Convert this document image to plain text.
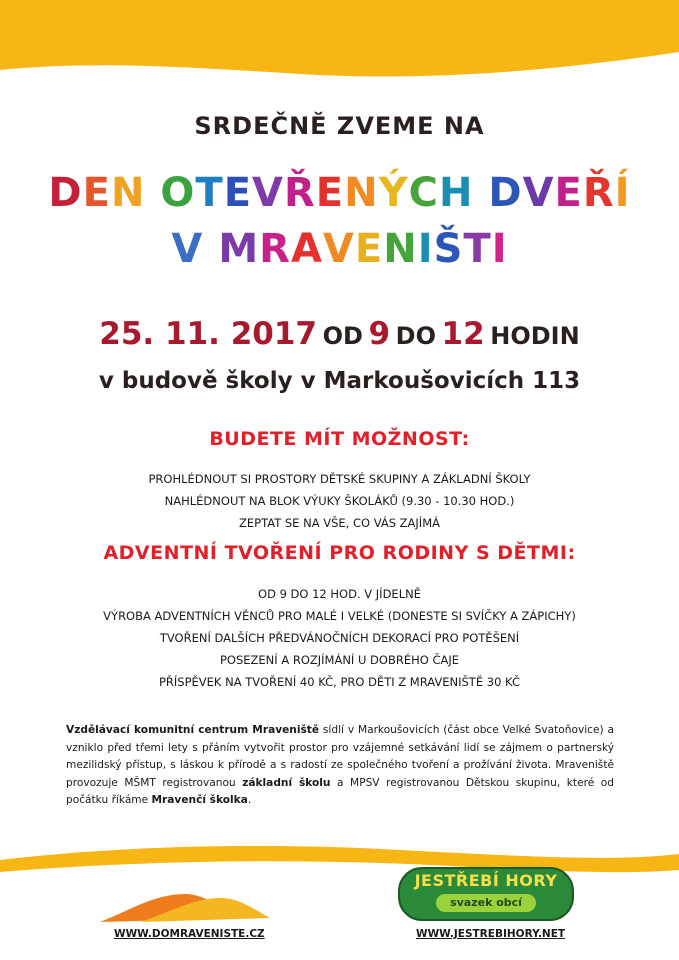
SRDEČNĚ ZVEME NA
DEN OTEVŘENÝCH DVEŘÍ
V MRAVENIŠTI
25. 11. 2017 OD 9 DO 12 HODIN
v budově školy v Markoušovicích 113
BUDETE MÍT MOŽNOST:
PROHLÉDNOUT SI PROSTORY DĚTSKÉ SKUPINY A ZÁKLADNÍ ŠKOLY
NAHLÉDNOUT NA BLOK VÝUKY ŠKOLÁKŮ (9.30 - 10.30 HOD.)
ZEPTAT SE NA VŠE, CO VÁS ZAJÍMÁ
ADVENTNÍ TVOŘENÍ PRO RODINY S DĚTMI:
OD 9 DO 12 HOD. V JÍDELNĚ
VÝROBA ADVENTNÍCH VĚNCŮ PRO MALÉ I VELKÉ (DONESTE SI SVÍČKY A ZÁPICHY)
TVOŘENÍ DALŠÍCH PŘEDVÁNOČNÍCH DEKORACÍ PRO POTĚŠENÍ
POSEZENÍ A ROZJÍMÁNÍ U DOBRÉHO ČAJE
PŘÍSPĚVEK NA TVOŘENÍ 40 KČ, PRO DĚTI Z MRAVENIŠTĚ 30 KČ
Vzdělávací komunitní centrum Mraveniště sídlí v Markoušovicích (část obce Velké Svatoňovice) a vzniklo před třemi lety s přáním vytvořit prostor pro vzájemné setkávání lidí se zájmem o partnerský mezilidský přístup, s láskou k přírodě a s radostí ze společného tvoření a prožívání života. Mraveniště provozuje MŠMT registrovanou základní školu a MPSV registrovanou Dětskou skupinu, které od počátku říkáme Mravenčí školka.
JESTŘEBÍ HORY
svazek obcí
WWW.DOMRAVENISTE.CZ	WWW.JESTREBIHORY.NET
